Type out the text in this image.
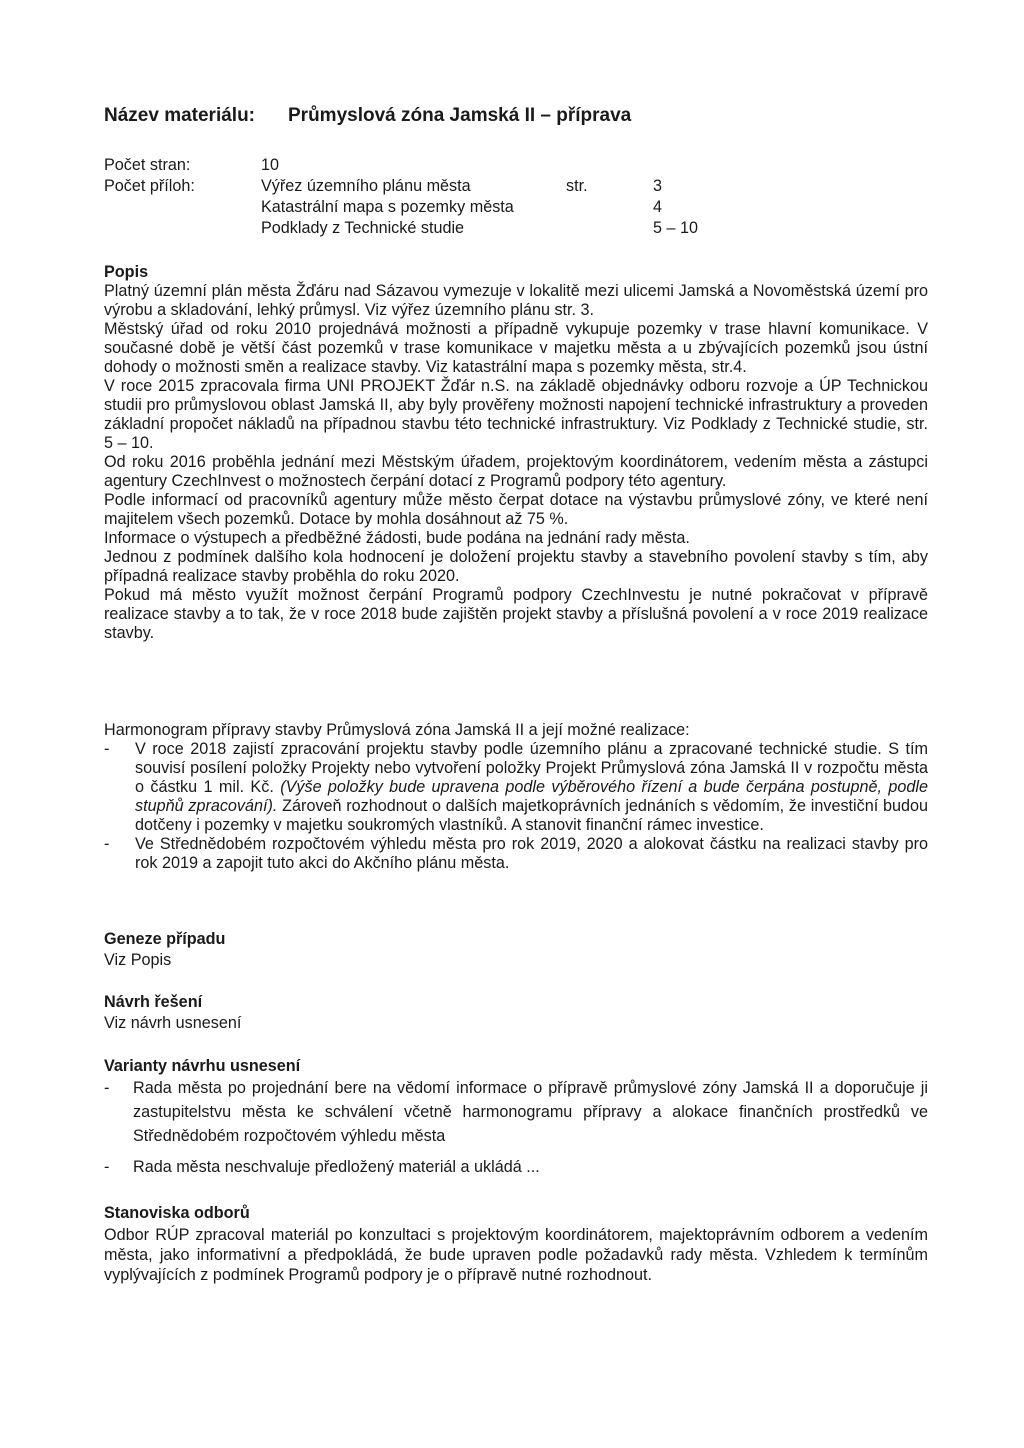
Název materiálu: Průmyslová zóna Jamská II – příprava
Počet stran:	10
Počet příloh:	Výřez územního plánu města	str.	3
Katastrální mapa s pozemky města	4
Podklady z Technické studie	5 – 10

Popis

Platný územní plán města Žďáru nad Sázavou vymezuje v lokalitě mezi ulicemi Jamská a Novoměstská území pro výrobu a skladování, lehký průmysl. Viz výřez územního plánu str. 3.

Městský úřad od roku 2010 projednává možnosti a případně vykupuje pozemky v trase hlavní komunikace. V současné době je větší část pozemků v trase komunikace v majetku města a u zbývajících pozemků jsou ústní dohody o možnosti směn a realizace stavby. Viz katastrální mapa s pozemky města, str.4.

V roce 2015 zpracovala firma UNI PROJEKT Žďár n.S. na základě objednávky odboru rozvoje a ÚP Technickou studii pro průmyslovou oblast Jamská II, aby byly prověřeny možnosti napojení technické infrastruktury a proveden základní propočet nákladů na případnou stavbu této technické infrastruktury. Viz Podklady z Technické studie, str. 5 – 10.

Od roku 2016 proběhla jednání mezi Městským úřadem, projektovým koordinátorem, vedením města a zástupci agentury CzechInvest o možnostech čerpání dotací z Programů podpory této agentury.

Podle informací od pracovníků agentury může město čerpat dotace na výstavbu průmyslové zóny, ve které není majitelem všech pozemků. Dotace by mohla dosáhnout až 75 %.

Informace o výstupech a předběžné žádosti, bude podána na jednání rady města.

Jednou z podmínek dalšího kola hodnocení je doložení projektu stavby a stavebního povolení stavby s tím, aby případná realizace stavby proběhla do roku 2020.

Pokud má město využít možnost čerpání Programů podpory CzechInvestu je nutné pokračovat v přípravě realizace stavby a to tak, že v roce 2018 bude zajištěn projekt stavby a příslušná povolení a v roce 2019 realizace stavby.

Harmonogram přípravy stavby Průmyslová zóna Jamská II a její možné realizace:

- V roce 2018 zajistí zpracování projektu stavby podle územního plánu a zpracované technické studie. S tím souvisí posílení položky Projekty nebo vytvoření položky Projekt Průmyslová zóna Jamská II v rozpočtu města o částku 1 mil. Kč. (Výše položky bude upravena podle výběrového řízení a bude čerpána postupně, podle stupňů zpracování). Zároveň rozhodnout o dalších majetkoprávních jednáních s vědomím, že investiční budou dotčeny i pozemky v majetku soukromých vlastníků. A stanovit finanční rámec investice.
- Ve Střednědobém rozpočtovém výhledu města pro rok 2019, 2020 a alokovat částku na realizaci stavby pro rok 2019 a zapojit tuto akci do Akčního plánu města.

Geneze případu

Viz Popis

Návrh řešení

Viz návrh usnesení

Varianty návrhu usnesení

- Rada města po projednání bere na vědomí informace o přípravě průmyslové zóny Jamská II a doporučuje ji zastupitelstvu města ke schválení včetně harmonogramu přípravy a alokace finančních prostředků ve Střednědobém rozpočtovém výhledu města
- Rada města neschvaluje předložený materiál a ukládá ...

Stanoviska odborů

Odbor RÚP zpracoval materiál po konzultaci s projektovým koordinátorem, majektoprávním odborem a vedením města, jako informativní a předpokládá, že bude upraven podle požadavků rady města. Vzhledem k termínům vyplývajících z podmínek Programů podpory je o přípravě nutné rozhodnout.
